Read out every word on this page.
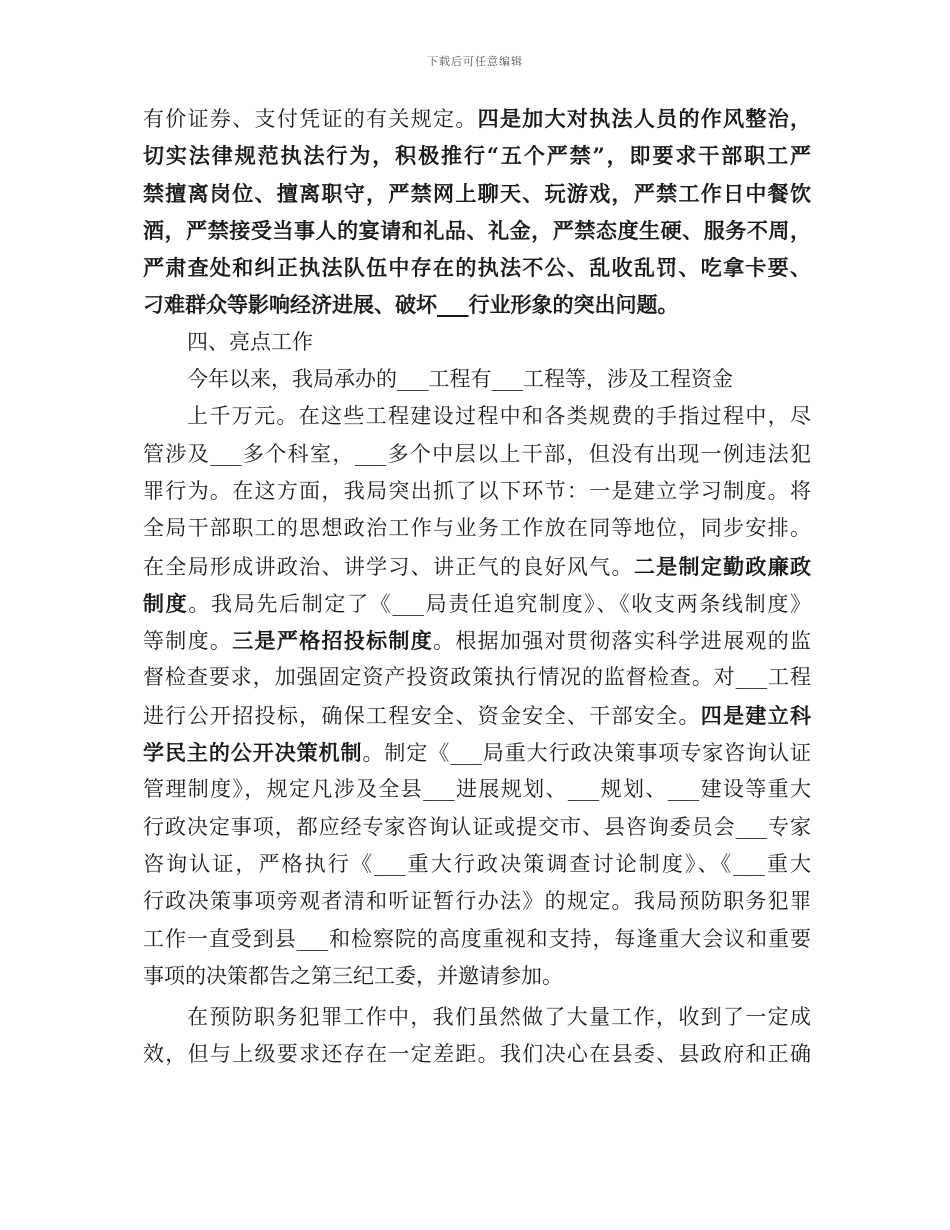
下载后可任意编辑
有价证券、支付凭证的有关规定。四是加大对执法人员的作风整治，
切实法律规范执法行为，积极推行“五个严禁”，即要求干部职工严
禁擅离岗位、擅离职守，严禁网上聊天、玩游戏，严禁工作日中餐饮
酒，严禁接受当事人的宴请和礼品、礼金，严禁态度生硬、服务不周，
严肃查处和纠正执法队伍中存在的执法不公、乱收乱罚、吃拿卡要、
刁难群众等影响经济进展、破坏___行业形象的突出问题。
四、亮点工作
今年以来，我局承办的___工程有___工程等，涉及工程资金
上千万元。在这些工程建设过程中和各类规费的手指过程中，尽
管涉及___多个科室，___多个中层以上干部，但没有出现一例违法犯
罪行为。在这方面，我局突出抓了以下环节：一是建立学习制度。将
全局干部职工的思想政治工作与业务工作放在同等地位，同步安排。
在全局形成讲政治、讲学习、讲正气的良好风气。二是制定勤政廉政
制度。我局先后制定了《___局责任追究制度》、《收支两条线制度》
等制度。三是严格招投标制度。根据加强对贯彻落实科学进展观的监
督检查要求，加强固定资产投资政策执行情况的监督检查。对___工程
进行公开招投标，确保工程安全、资金安全、干部安全。四是建立科
学民主的公开决策机制。制定《___局重大行政决策事项专家咨询认证
管理制度》，规定凡涉及全县___进展规划、___规划、___建设等重大
行政决定事项，都应经专家咨询认证或提交市、县咨询委员会___专家
咨询认证，严格执行《___重大行政决策调查讨论制度》、《___重大
行政决策事项旁观者清和听证暂行办法》的规定。我局预防职务犯罪
工作一直受到县___和检察院的高度重视和支持，每逢重大会议和重要
事项的决策都告之第三纪工委，并邀请参加。
在预防职务犯罪工作中，我们虽然做了大量工作，收到了一定成
效，但与上级要求还存在一定差距。我们决心在县委、县政府和正确
